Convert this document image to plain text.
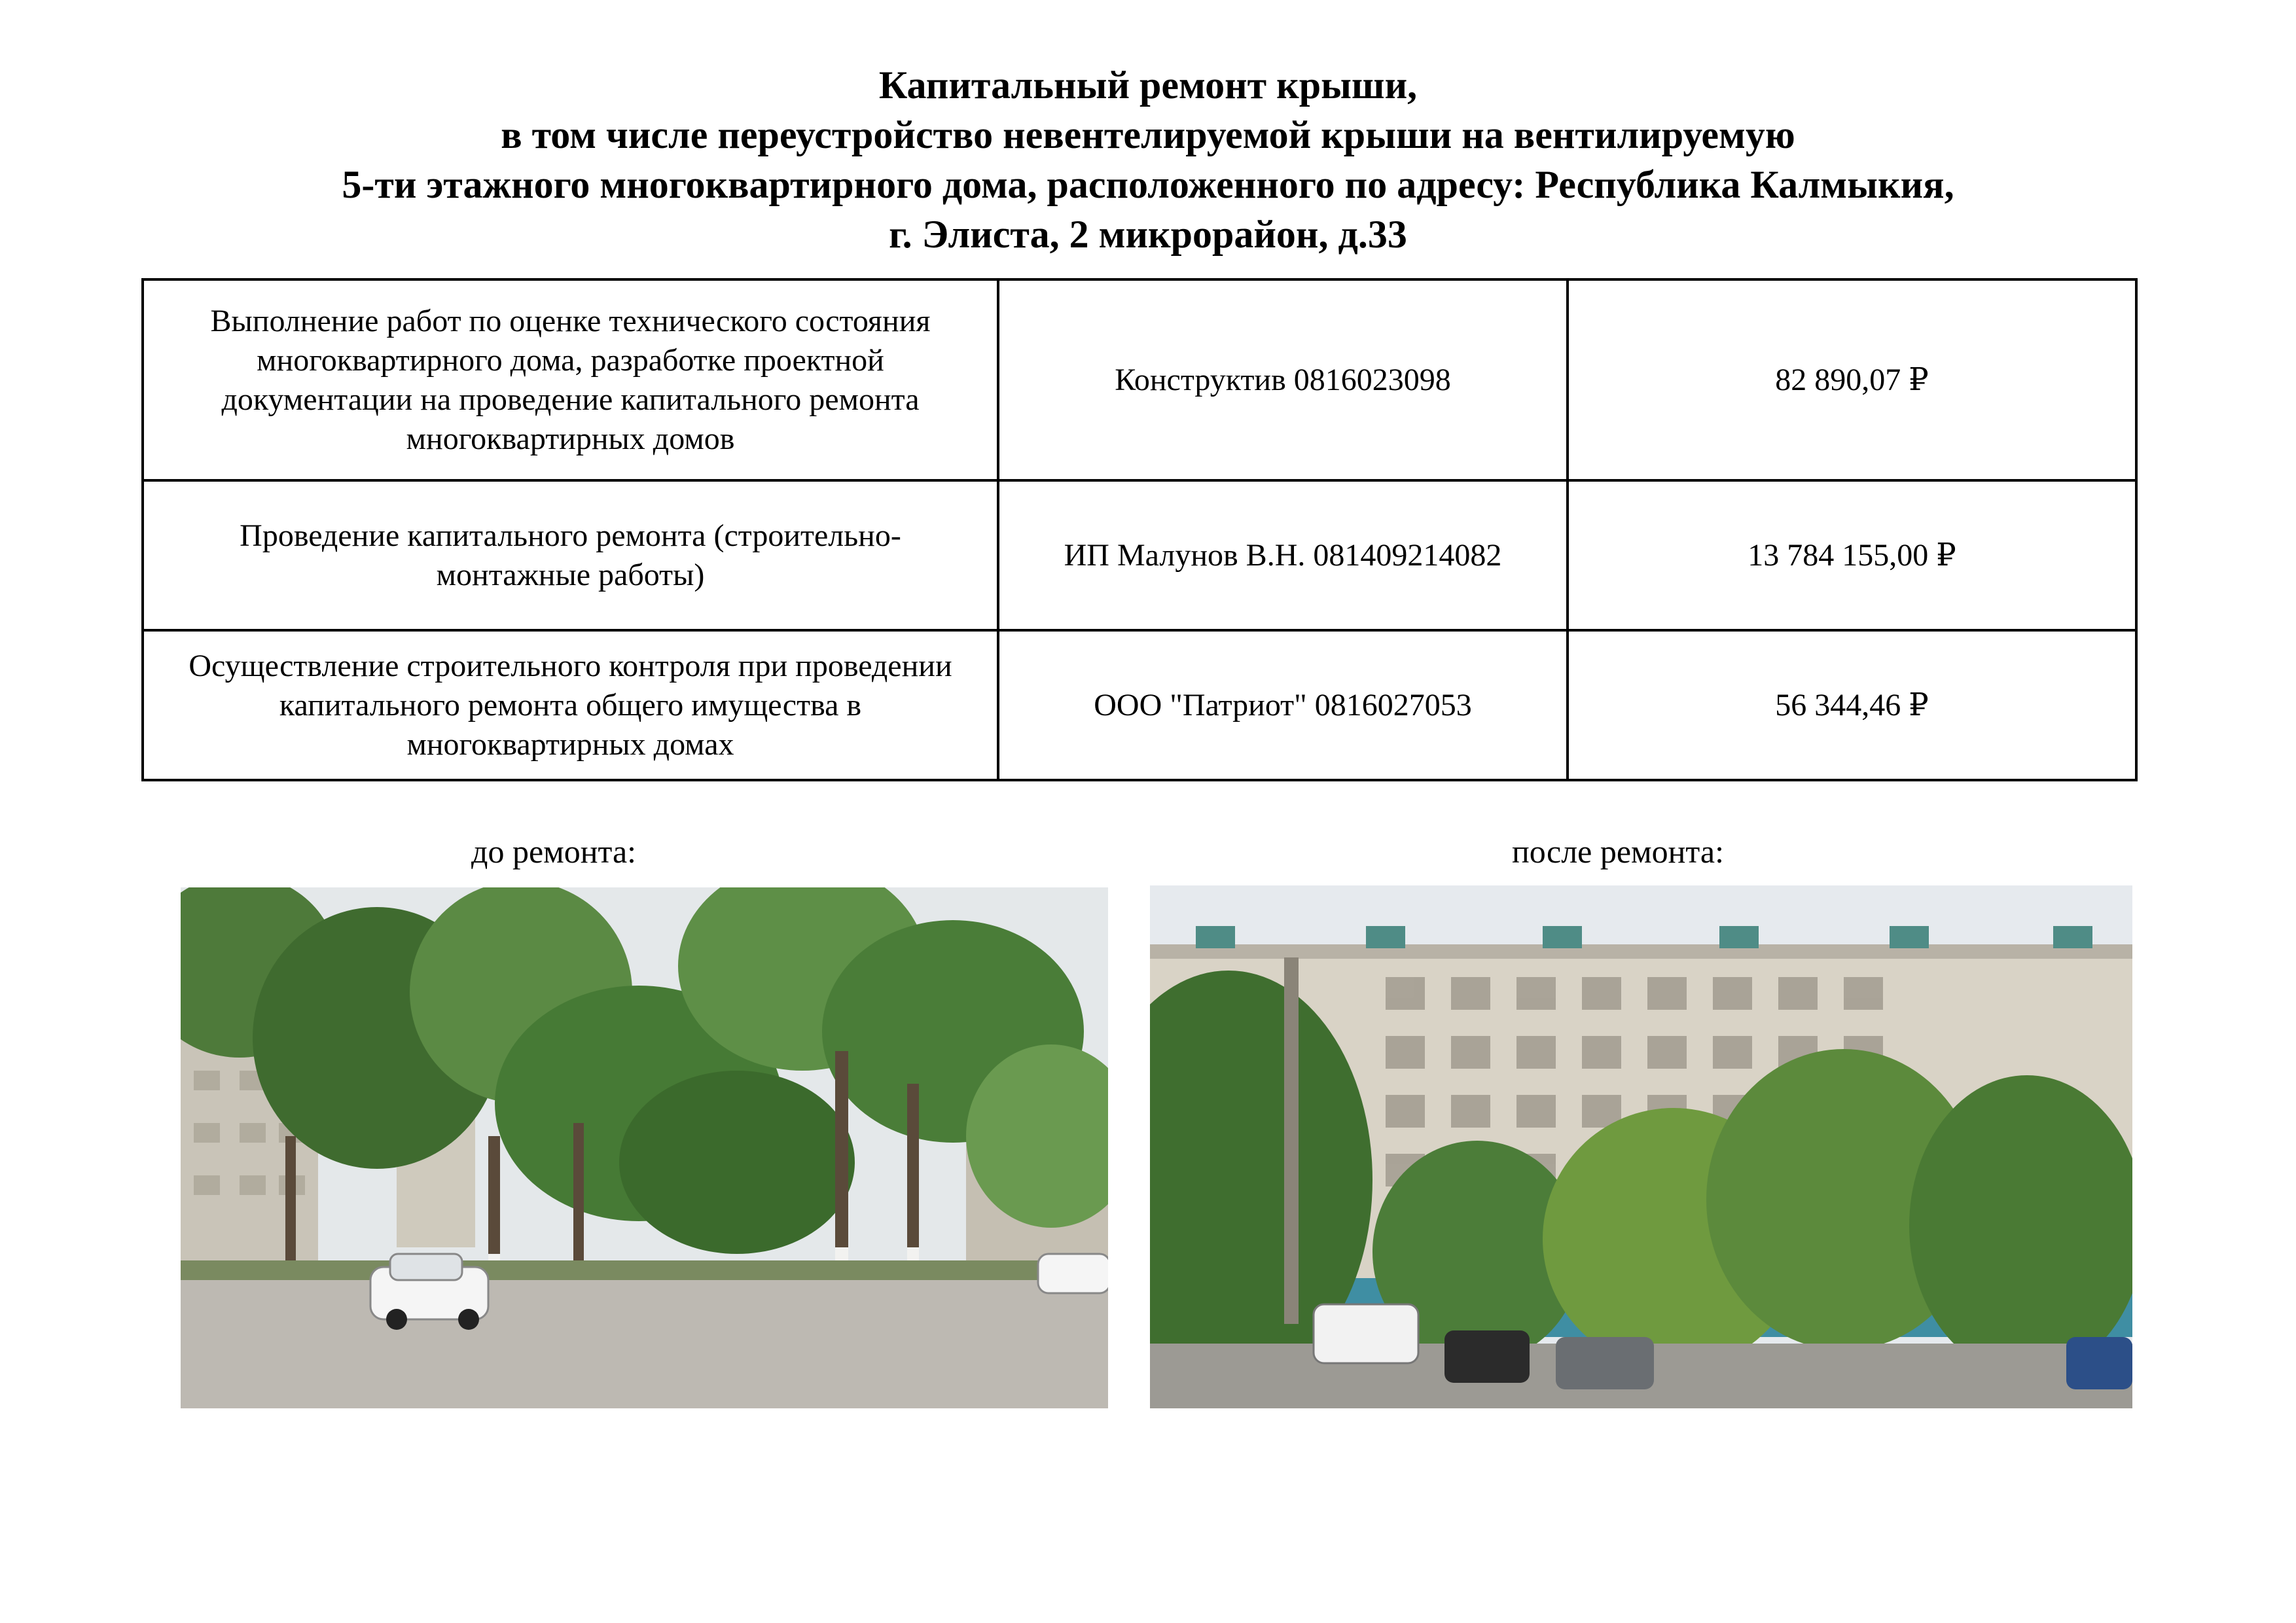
Капитальный ремонт крыши,
в том числе переустройство невентелируемой крыши на вентилируемую
5-ти этажного многоквартирного дома, расположенного по адресу: Республика Калмыкия,
г. Элиста, 2 микрорайон, д.33
Выполнение работ по оценке технического состояния
многоквартирного дома, разработке проектной
документации на проведение капитального ремонта
многоквартирных домов	Конструктив 0816023098	82 890,07 ₽

Проведение капитального ремонта (строительно-
монтажные работы)	ИП Малунов В.Н. 081409214082	13 784 155,00 ₽

Осуществление строительного контроля при проведении
капитального ремонта общего имущества в
многоквартирных домах	ООО "Патриот" 0816027053	56 344,46 ₽
до ремонта:	после ремонта:
